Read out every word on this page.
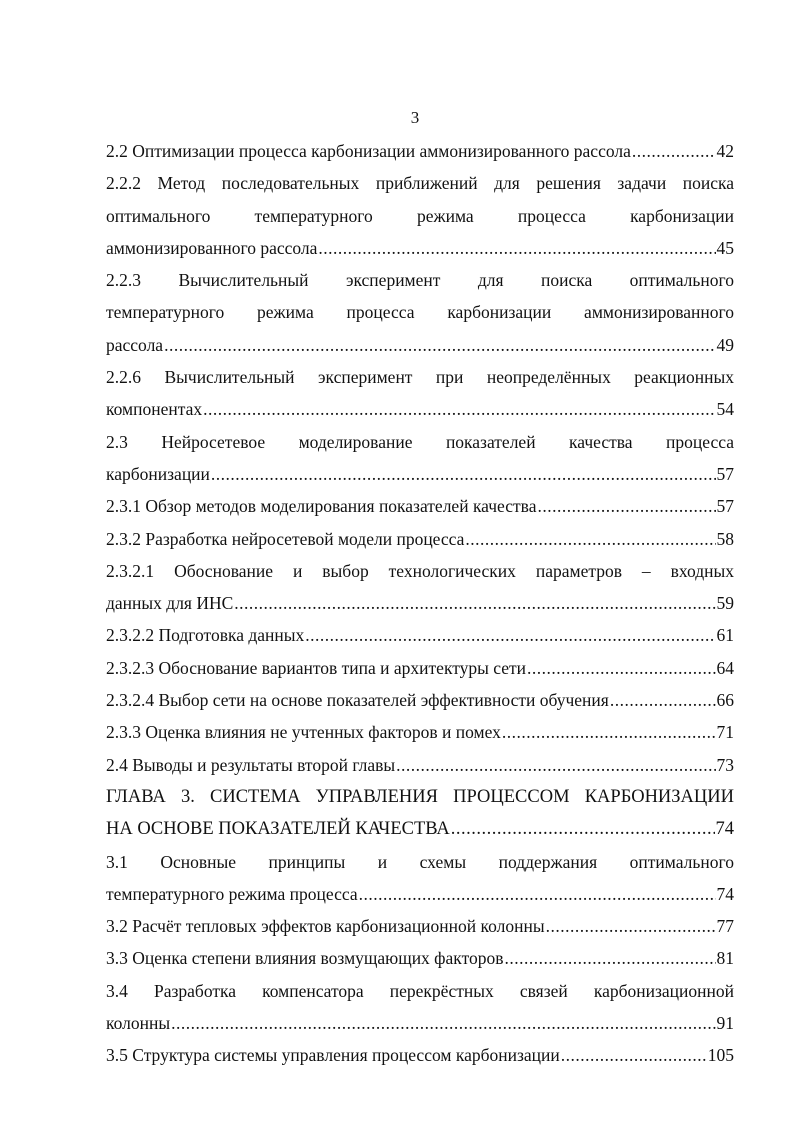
3
2.2 Оптимизации процесса карбонизации аммонизированного рассола .....	42
2.2.2 Метод последовательных приближений для решения задачи поиска
оптимального температурного режима процесса карбонизации
аммонизированного рассола .....	45
2.2.3 Вычислительный эксперимент для поиска оптимального
температурного режима процесса карбонизации аммонизированного
рассола .....	49
2.2.6 Вычислительный эксперимент при неопределённых реакционных
компонентах .....	54
2.3 Нейросетевое моделирование показателей качества процесса
карбонизации .....	57
2.3.1 Обзор методов моделирования показателей качества .....	57
2.3.2 Разработка нейросетевой модели процесса .....	58
2.3.2.1 Обоснование и выбор технологических параметров – входных
данных для ИНС .....	59
2.3.2.2 Подготовка данных .....	61
2.3.2.3 Обоснование вариантов типа и архитектуры сети .....	64
2.3.2.4 Выбор сети на основе показателей эффективности обучения .....	66
2.3.3 Оценка влияния не учтенных факторов и помех .....	71
2.4 Выводы и результаты второй главы .....	73
ГЛАВА 3. СИСТЕМА УПРАВЛЕНИЯ ПРОЦЕССОМ КАРБОНИЗАЦИИ
НА ОСНОВЕ ПОКАЗАТЕЛЕЙ КАЧЕСТВА .....	74
3.1 Основные принципы и схемы поддержания оптимального
температурного режима процесса .....	74
3.2 Расчёт тепловых эффектов карбонизационной колонны .....	77
3.3 Оценка степени влияния возмущающих факторов .....	81
3.4 Разработка компенсатора перекрёстных связей карбонизационной
колонны .....	91
3.5 Структура системы управления процессом карбонизации .....	105
